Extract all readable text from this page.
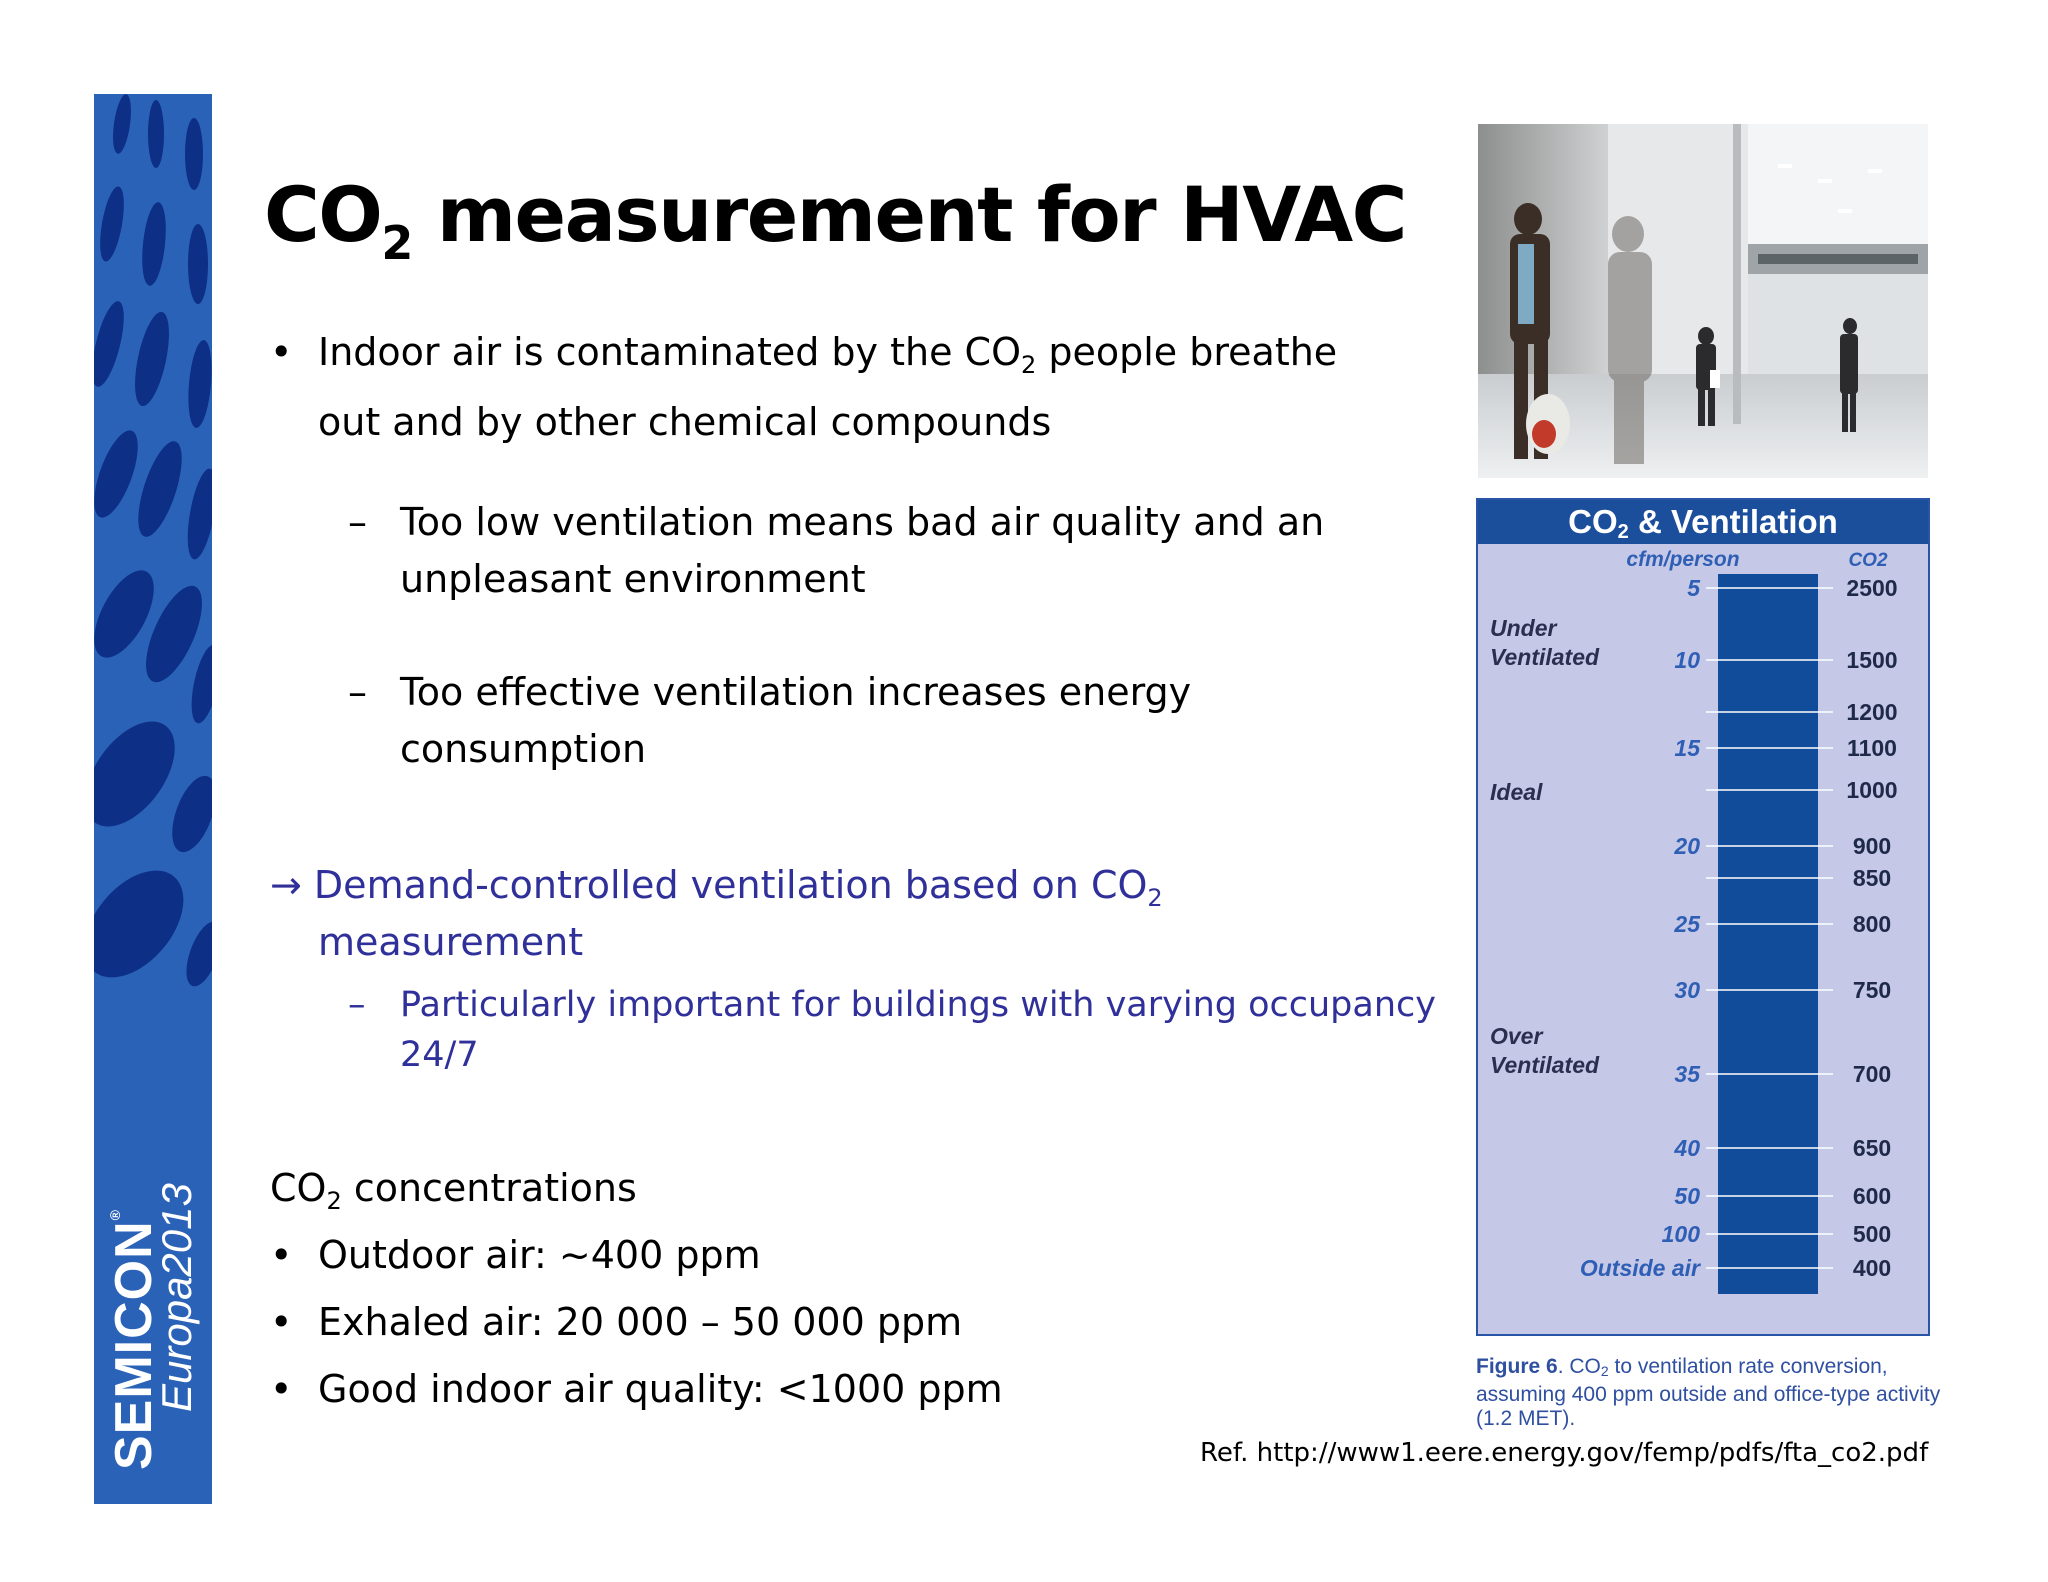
SEMICON® Europa2013
$CO_2$ measurement for HVAC
• Indoor air is contaminated by the $CO_2$ people breathe
out and by other chemical compounds
– Too low ventilation means bad air quality and an
unpleasant environment
– Too effective ventilation increases energy
consumption
→ Demand-controlled ventilation based on $CO_2$
measurement
– Particularly important for buildings with varying occupancy
24/7
$CO_2$ concentrations
• Outdoor air: ~400 ppm
• Exhaled air: 20 000 – 50 000 ppm
• Good indoor air quality: <1000 ppm
$CO_2$ & Ventilation
cfm/person	CO2
5	2500
10	1500
1200
15	1100
1000
20	900
850
25	800
30	750
35	700
40	650
50	600
100	500
Outside air	400
Under
Ventilated
Ideal
Over
Ventilated
Figure 6. $CO_2$ to ventilation rate conversion, assuming 400 ppm outside and office-type activity (1.2 MET).
Ref. http://www1.eere.energy.gov/femp/pdfs/fta_co2.pdf
